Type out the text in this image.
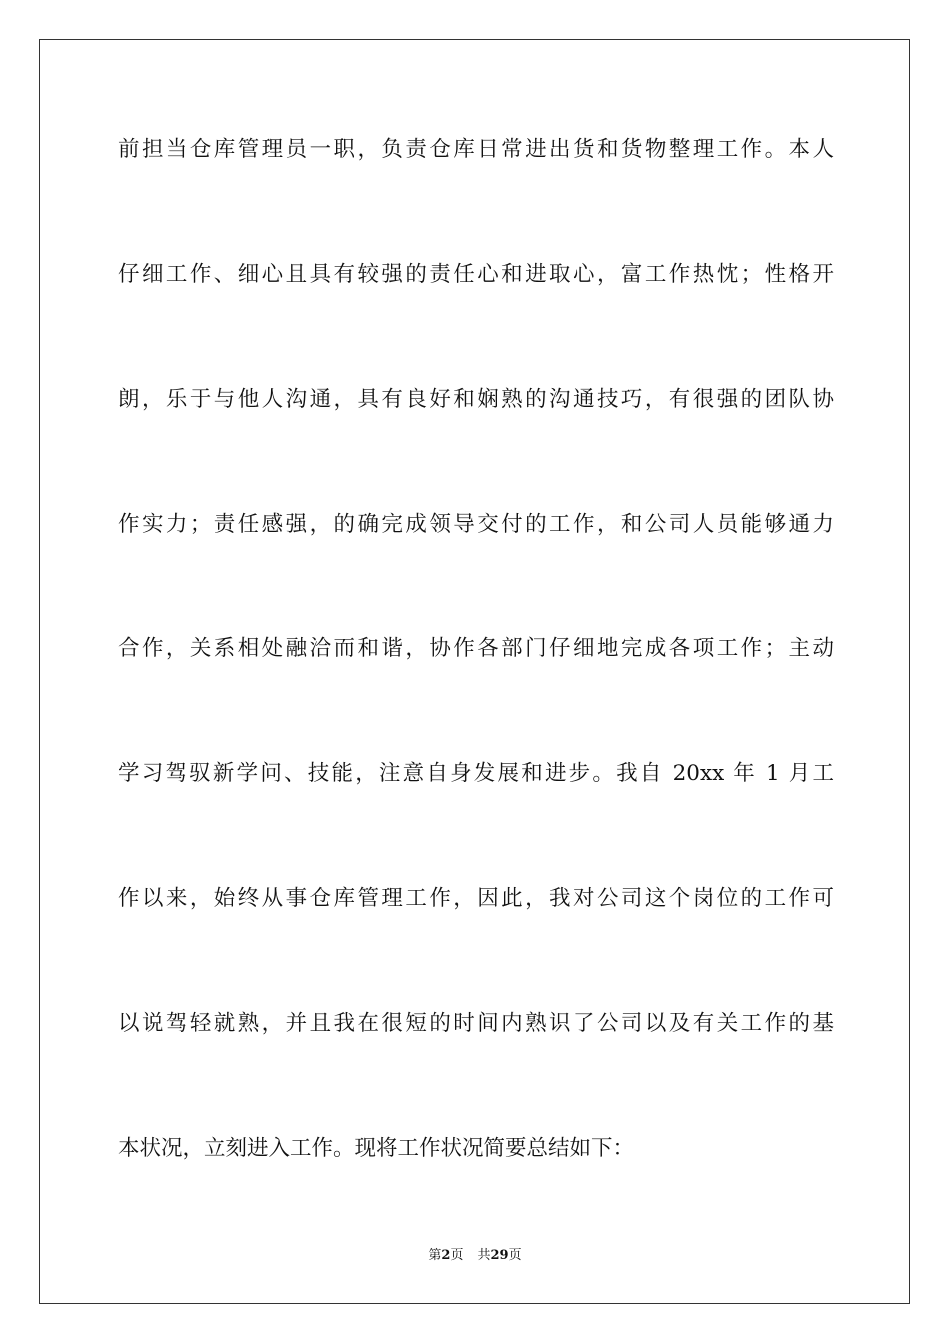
前担当仓库管理员一职，负责仓库日常进出货和货物整理工作。本人
仔细工作、细心且具有较强的责任心和进取心，富工作热忱；性格开
朗，乐于与他人沟通，具有良好和娴熟的沟通技巧，有很强的团队协
作实力；责任感强，的确完成领导交付的工作，和公司人员能够通力
合作，关系相处融洽而和谐，协作各部门仔细地完成各项工作；主动
学习驾驭新学问、技能，注意自身发展和进步。我自 20xx 年 1 月工
作以来，始终从事仓库管理工作，因此，我对公司这个岗位的工作可
以说驾轻就熟，并且我在很短的时间内熟识了公司以及有关工作的基
本状况，立刻进入工作。现将工作状况简要总结如下：
第2页 共29页
